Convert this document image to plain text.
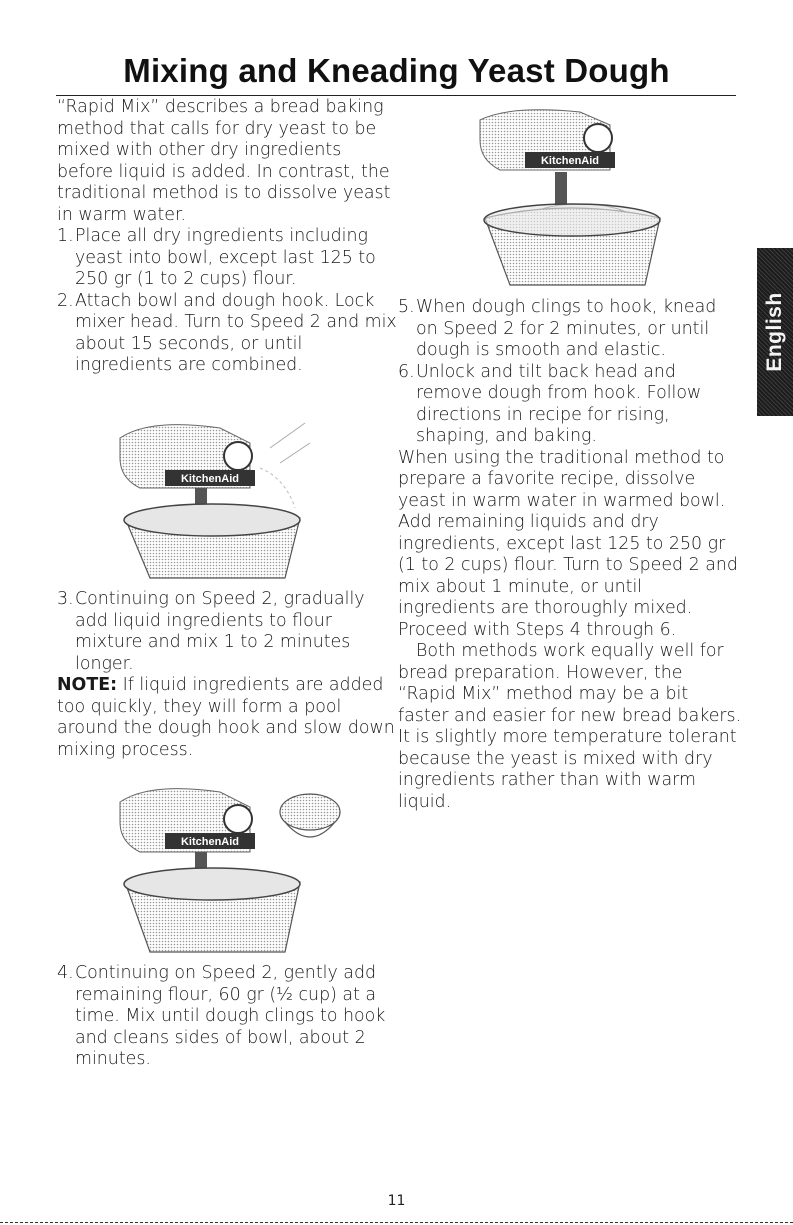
Mixing and Kneading Yeast Dough

“Rapid Mix” describes a bread baking method that calls for dry yeast to be mixed with other dry ingredients before liquid is added. In contrast, the traditional method is to dissolve yeast in warm water.

1. Place all dry ingredients including yeast into bowl, except last 125 to 250 gr (1 to 2 cups) flour.
2. Attach bowl and dough hook. Lock mixer head. Turn to Speed 2 and mix about 15 seconds, or until ingredients are combined.
3. Continuing on Speed 2, gradually add liquid ingredients to flour mixture and mix 1 to 2 minutes longer.

NOTE: If liquid ingredients are added too quickly, they will form a pool around the dough hook and slow down mixing process.

4. Continuing on Speed 2, gently add remaining flour, 60 gr (½ cup) at a time. Mix until dough clings to hook and cleans sides of bowl, about 2 minutes.
5. When dough clings to hook, knead on Speed 2 for 2 minutes, or until dough is smooth and elastic.
6. Unlock and tilt back head and remove dough from hook. Follow directions in recipe for rising, shaping, and baking.

When using the traditional method to prepare a favorite recipe, dissolve yeast in warm water in warmed bowl. Add remaining liquids and dry ingredients, except last 125 to 250 gr (1 to 2 cups) flour. Turn to Speed 2 and mix about 1 minute, or until ingredients are thoroughly mixed. Proceed with Steps 4 through 6.

Both methods work equally well for bread preparation. However, the “Rapid Mix” method may be a bit faster and easier for new bread bakers. It is slightly more temperature tolerant because the yeast is mixed with dry ingredients rather than with warm liquid.

KitchenAid
KitchenAid
KitchenAid
English
11
